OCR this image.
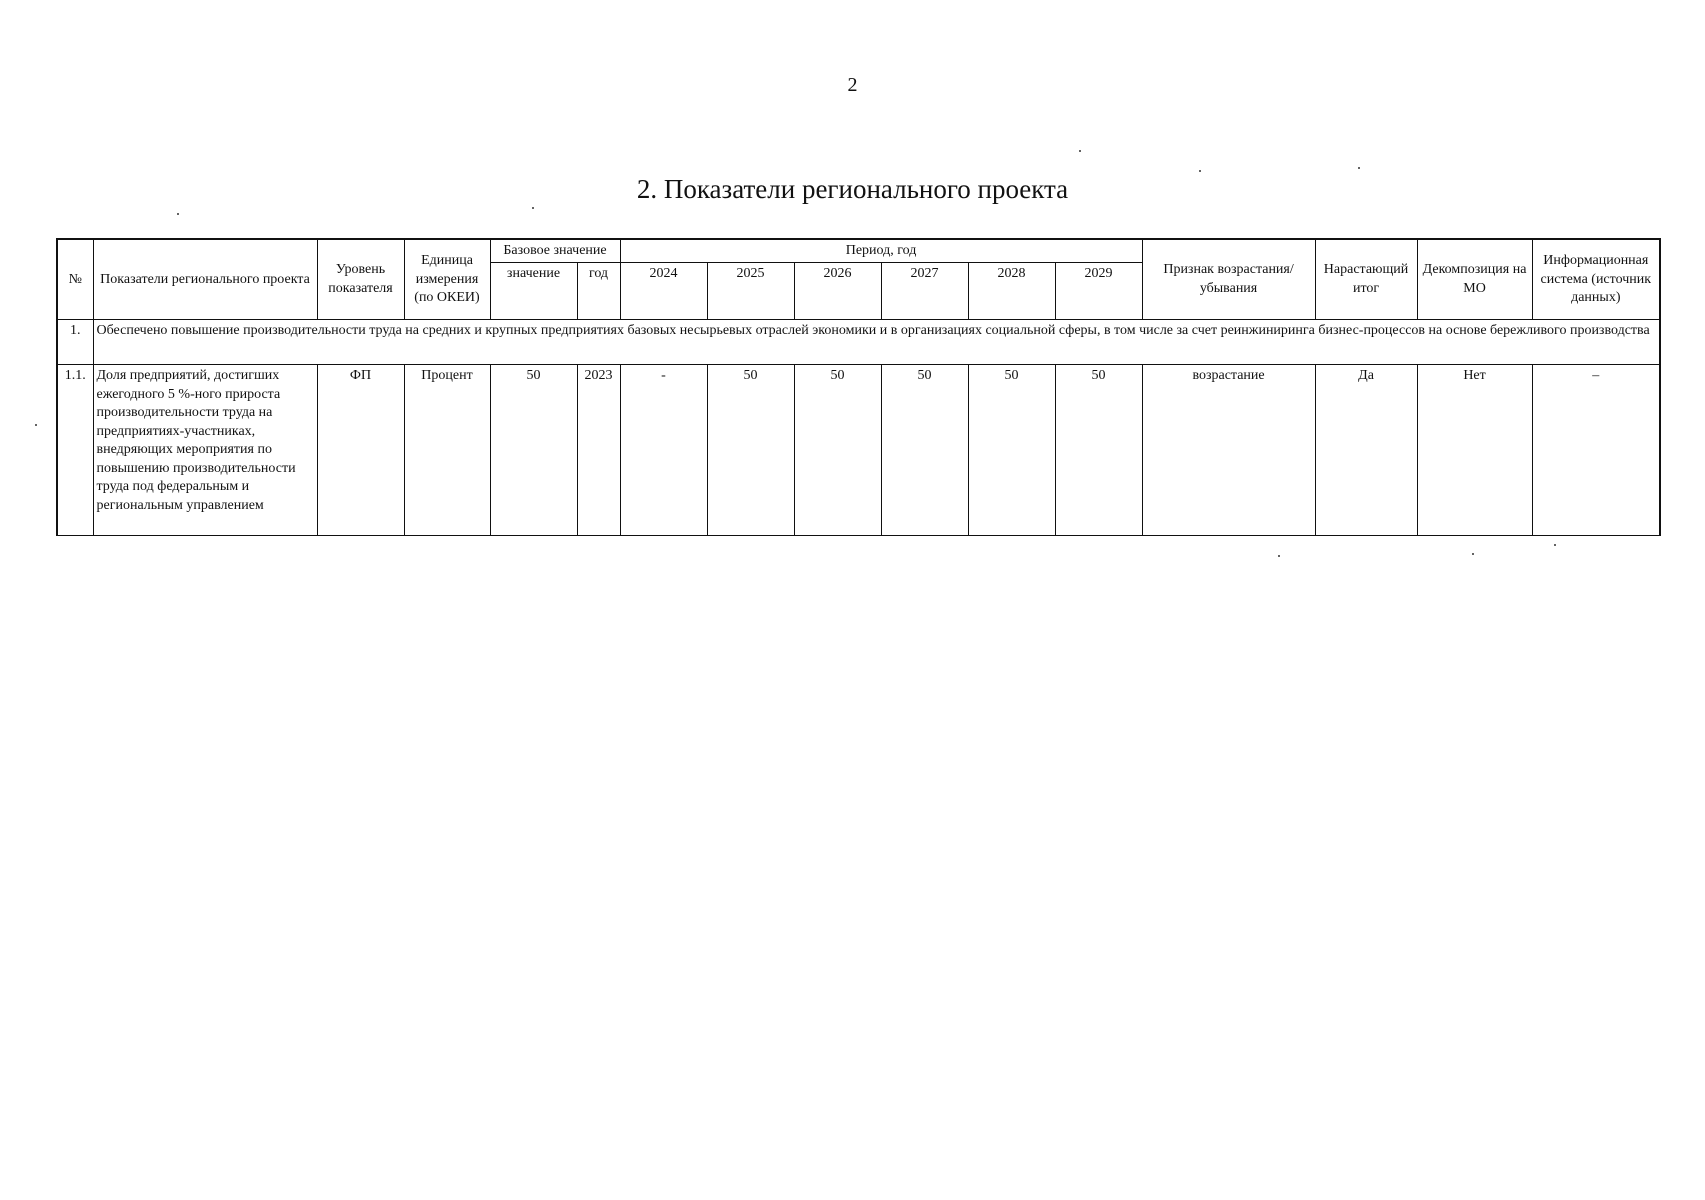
2
2. Показатели регионального проекта
№	Показатели регионального проекта	Уровень показателя	Единица измерения (по ОКЕИ)	Базовое значение		Период, год						Признак возрастания/убывания	Нарастающий итог	Декомпозиция на МО	Информационная система (источник данных)
				значение	год	2024	2025	2026	2027	2028	2029				
1.	Обеспечено повышение производительности труда на средних и крупных предприятиях базовых несырьевых отраслей экономики и в организациях социальной сферы, в том числе за счет реинжиниринга бизнес-процессов на основе бережливого производства														
1.1.	Доля предприятий, достигших ежегодного 5 %-ного прироста производительности труда на предприятиях-участниках, внедряющих мероприятия по повышению производительности труда под федеральным и региональным управлением	ФП	Процент	50	2023	-	50	50	50	50	50	возрастание	Да	Нет	–
